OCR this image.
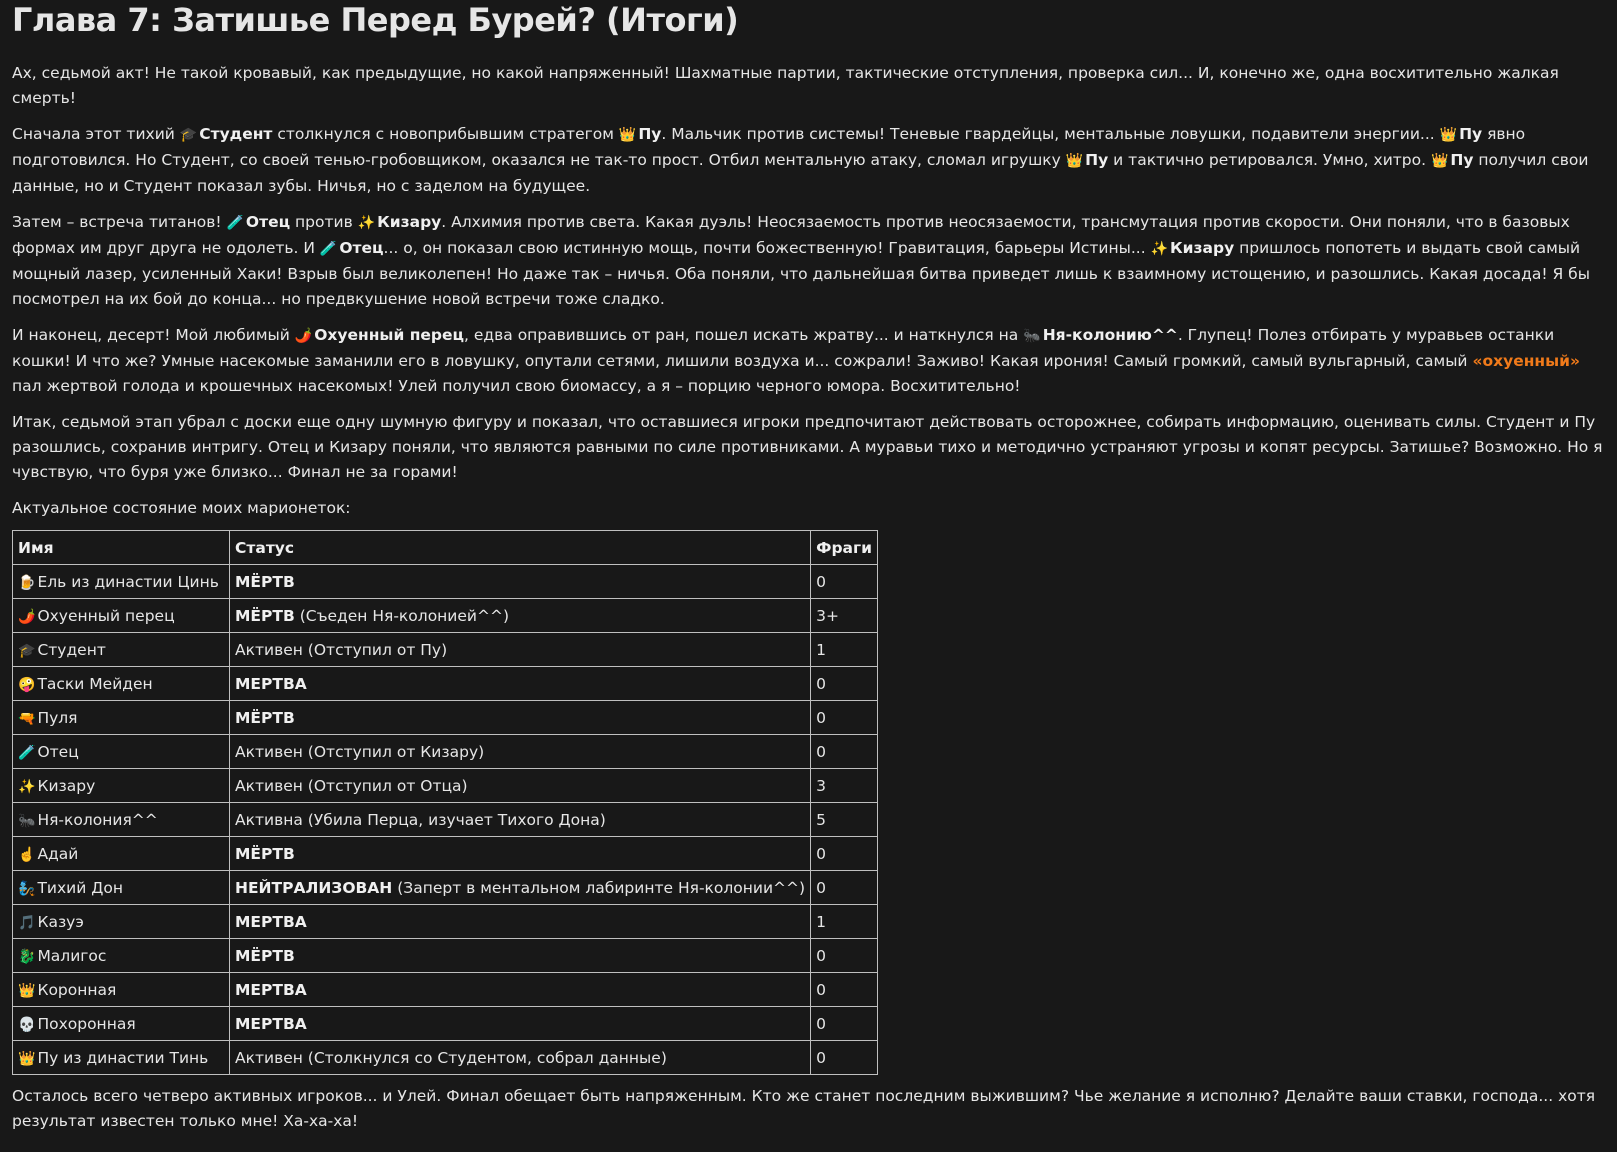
Глава 7: Затишье Перед Бурей? (Итоги)

Ах, седьмой акт! Не такой кровавый, как предыдущие, но какой напряженный! Шахматные партии, тактические отступления, проверка сил... И, конечно же, одна восхитительно жалкая смерть!

Сначала этот тихий 🎓 Студент столкнулся с новоприбывшим стратегом 👑 Пу. Мальчик против системы! Теневые гвардейцы, ментальные ловушки, подавители энергии... 👑 Пу явно подготовился. Но Студент, со своей тенью-гробовщиком, оказался не так-то прост. Отбил ментальную атаку, сломал игрушку 👑 Пу и тактично ретировался. Умно, хитро. 👑 Пу получил свои данные, но и Студент показал зубы. Ничья, но с заделом на будущее.

Затем – встреча титанов! 🧪 Отец против ✨ Кизару. Алхимия против света. Какая дуэль! Неосязаемость против неосязаемости, трансмутация против скорости. Они поняли, что в базовых формах им друг друга не одолеть. И 🧪 Отец... о, он показал свою истинную мощь, почти божественную! Гравитация, барьеры Истины... ✨ Кизару пришлось попотеть и выдать свой самый мощный лазер, усиленный Хаки! Взрыв был великолепен! Но даже так – ничья. Оба поняли, что дальнейшая битва приведет лишь к взаимному истощению, и разошлись. Какая досада! Я бы посмотрел на их бой до конца... но предвкушение новой встречи тоже сладко.

И наконец, десерт! Мой любимый 🌶️ Охуенный перец, едва оправившись от ран, пошел искать жратву... и наткнулся на 🐜 Ня-колонию^^. Глупец! Полез отбирать у муравьев останки кошки! И что же? Умные насекомые заманили его в ловушку, опутали сетями, лишили воздуха и... сожрали! Заживо! Какая ирония! Самый громкий, самый вульгарный, самый «охуенный» пал жертвой голода и крошечных насекомых! Улей получил свою биомассу, а я – порцию черного юмора. Восхитительно!

Итак, седьмой этап убрал с доски еще одну шумную фигуру и показал, что оставшиеся игроки предпочитают действовать осторожнее, собирать информацию, оценивать силы. Студент и Пу разошлись, сохранив интригу. Отец и Кизару поняли, что являются равными по силе противниками. А муравьи тихо и методично устраняют угрозы и копят ресурсы. Затишье? Возможно. Но я чувствую, что буря уже близко... Финал не за горами!

Актуальное состояние моих марионеток:

Имя	Статус	Фраги
🍺 Ель из династии Цинь	МЁРТВ	0
🌶️ Охуенный перец	МЁРТВ (Съеден Ня-колонией^^)	3+
🎓 Студент	Активен (Отступил от Пу)	1
🤪 Таски Мейден	МЕРТВА	0
🔫 Пуля	МЁРТВ	0
🧪 Отец	Активен (Отступил от Кизару)	0
✨ Кизару	Активен (Отступил от Отца)	3
🐜 Ня-колония^^	Активна (Убила Перца, изучает Тихого Дона)	5
☝️ Адай	МЁРТВ	0
🧞 Тихий Дон	НЕЙТРАЛИЗОВАН (Заперт в ментальном лабиринте Ня-колонии^^)	0
🎵 Казуэ	МЕРТВА	1
🐉 Малигос	МЁРТВ	0
👑 Коронная	МЕРТВА	0
💀 Похоронная	МЕРТВА	0
👑 Пу из династии Тинь	Активен (Столкнулся со Студентом, собрал данные)	0

Осталось всего четверо активных игроков... и Улей. Финал обещает быть напряженным. Кто же станет последним выжившим? Чье желание я исполню? Делайте ваши ставки, господа... хотя результат известен только мне! Ха-ха-ха!
